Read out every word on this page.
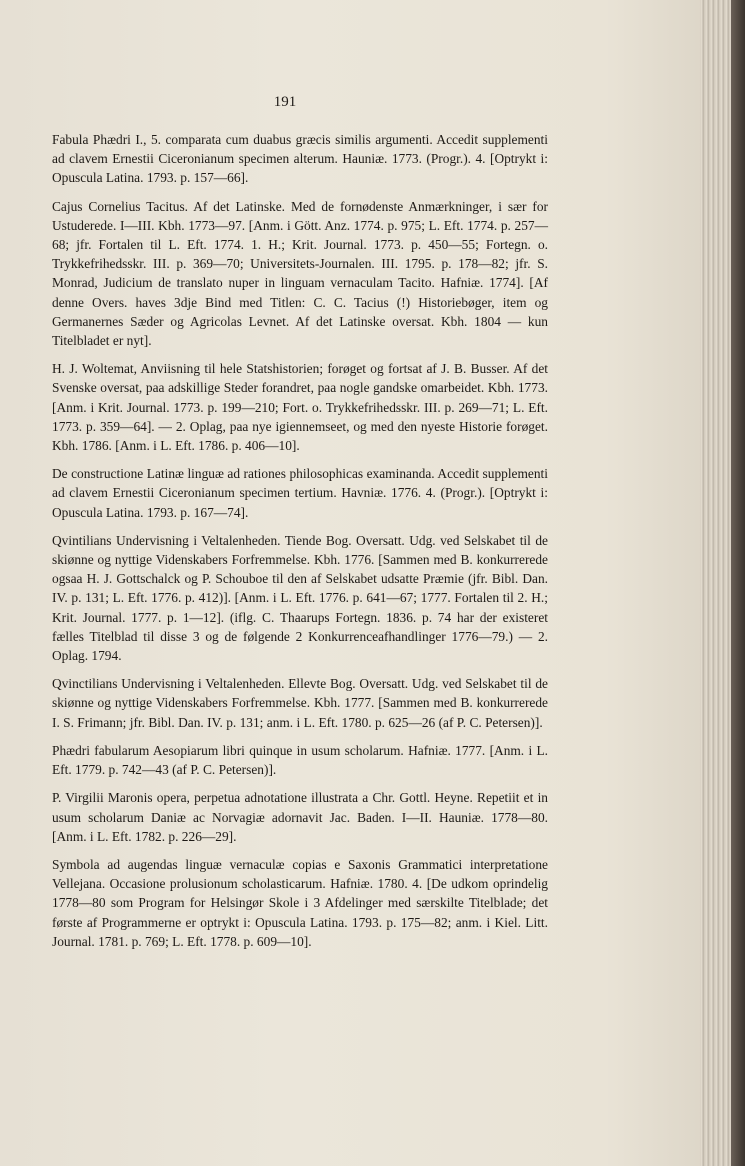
191

Fabula Phædri I., 5. comparata cum duabus græcis similis argumenti. Accedit supplementi ad clavem Ernestii Ciceronianum specimen alterum. Hauniæ. 1773. (Progr.). 4. [Optrykt i: Opuscula Latina. 1793. p. 157—66].

Cajus Cornelius Tacitus. Af det Latinske. Med de fornødenste Anmærkninger, i sær for Ustuderede. I—III. Kbh. 1773—97. [Anm. i Gött. Anz. 1774. p. 975; L. Eft. 1774. p. 257—68; jfr. Fortalen til L. Eft. 1774. 1. H.; Krit. Journal. 1773. p. 450—55; Fortegn. o. Trykkefrihedsskr. III. p. 369—70; Universitets-Journalen. III. 1795. p. 178—82; jfr. S. Monrad, Judicium de translato nuper in linguam vernaculam Tacito. Hafniæ. 1774]. [Af denne Overs. haves 3dje Bind med Titlen: C. C. Tacius (!) Historiebøger, item og Germanernes Sæder og Agricolas Levnet. Af det Latinske oversat. Kbh. 1804 — kun Titelbladet er nyt].

H. J. Woltemat, Anviisning til hele Statshistorien; forøget og fortsat af J. B. Busser. Af det Svenske oversat, paa adskillige Steder forandret, paa nogle gandske omarbeidet. Kbh. 1773. [Anm. i Krit. Journal. 1773. p. 199—210; Fort. o. Trykkefrihedsskr. III. p. 269—71; L. Eft. 1773. p. 359—64]. — 2. Oplag, paa nye igiennemseet, og med den nyeste Historie forøget. Kbh. 1786. [Anm. i L. Eft. 1786. p. 406—10].

De constructione Latinæ linguæ ad rationes philosophicas examinanda. Accedit supplementi ad clavem Ernestii Ciceronianum specimen tertium. Havniæ. 1776. 4. (Progr.). [Optrykt i: Opuscula Latina. 1793. p. 167—74].

Qvintilians Undervisning i Veltalenheden. Tiende Bog. Oversatt. Udg. ved Selskabet til de skiønne og nyttige Videnskabers Forfremmelse. Kbh. 1776. [Sammen med B. konkurrerede ogsaa H. J. Gottschalck og P. Schouboe til den af Selskabet udsatte Præmie (jfr. Bibl. Dan. IV. p. 131; L. Eft. 1776. p. 412)]. [Anm. i L. Eft. 1776. p. 641—67; 1777. Fortalen til 2. H.; Krit. Journal. 1777. p. 1—12]. (iflg. C. Thaarups Fortegn. 1836. p. 74 har der existeret fælles Titelblad til disse 3 og de følgende 2 Konkurrenceafhandlinger 1776—79.) — 2. Oplag. 1794.

Qvinctilians Undervisning i Veltalenheden. Ellevte Bog. Oversatt. Udg. ved Selskabet til de skiønne og nyttige Videnskabers Forfremmelse. Kbh. 1777. [Sammen med B. konkurrerede I. S. Frimann; jfr. Bibl. Dan. IV. p. 131; anm. i L. Eft. 1780. p. 625—26 (af P. C. Petersen)].

Phædri fabularum Aesopiarum libri quinque in usum scholarum. Hafniæ. 1777. [Anm. i L. Eft. 1779. p. 742—43 (af P. C. Petersen)].

P. Virgilii Maronis opera, perpetua adnotatione illustrata a Chr. Gottl. Heyne. Repetiit et in usum scholarum Daniæ ac Norvagiæ adornavit Jac. Baden. I—II. Hauniæ. 1778—80. [Anm. i L. Eft. 1782. p. 226—29].

Symbola ad augendas linguæ vernaculæ copias e Saxonis Grammatici interpretatione Vellejana. Occasione prolusionum scholasticarum. Hafniæ. 1780. 4. [De udkom oprindelig 1778—80 som Program for Helsingør Skole i 3 Afdelinger med særskilte Titelblade; det første af Programmerne er optrykt i: Opuscula Latina. 1793. p. 175—82; anm. i Kiel. Litt. Journal. 1781. p. 769; L. Eft. 1778. p. 609—10].
